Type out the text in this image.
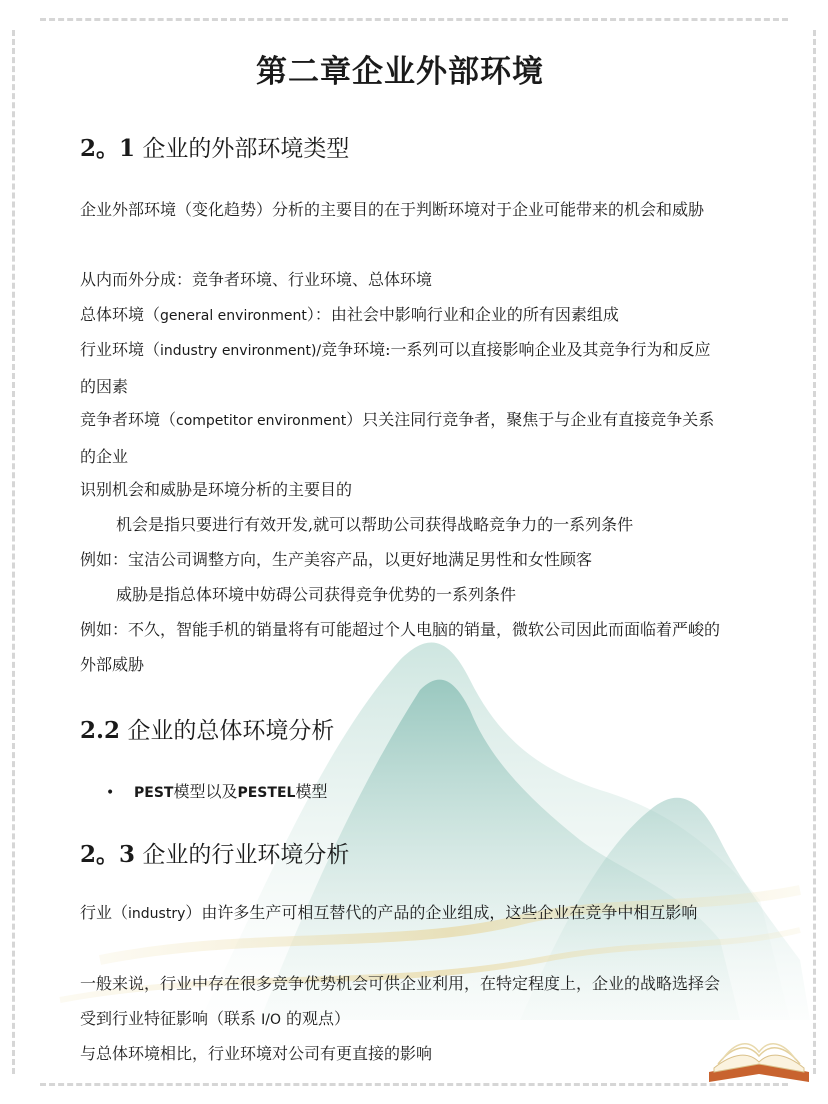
第二章企业外部环境
2。1 企业的外部环境类型
企业外部环境（变化趋势）分析的主要目的在于判断环境对于企业可能带来的机会和威胁
从内而外分成：竞争者环境、行业环境、总体环境
总体环境（general environment）：由社会中影响行业和企业的所有因素组成
行业环境（industry environment)/竞争环境:一系列可以直接影响企业及其竞争行为和反应的因素
竞争者环境（competitor environment）只关注同行竞争者，聚焦于与企业有直接竞争关系的企业
识别机会和威胁是环境分析的主要目的
机会是指只要进行有效开发,就可以帮助公司获得战略竞争力的一系列条件
例如：宝洁公司调整方向，生产美容产品，以更好地满足男性和女性顾客
威胁是指总体环境中妨碍公司获得竞争优势的一系列条件
例如：不久，智能手机的销量将有可能超过个人电脑的销量，微软公司因此而面临着严峻的外部威胁
2.2 企业的总体环境分析
• PEST模型以及PESTEL模型
2。3 企业的行业环境分析
行业（industry）由许多生产可相互替代的产品的企业组成，这些企业在竞争中相互影响
一般来说，行业中存在很多竞争优势机会可供企业利用，在特定程度上，企业的战略选择会受到行业特征影响（联系 I/O 的观点）
与总体环境相比，行业环境对公司有更直接的影响
